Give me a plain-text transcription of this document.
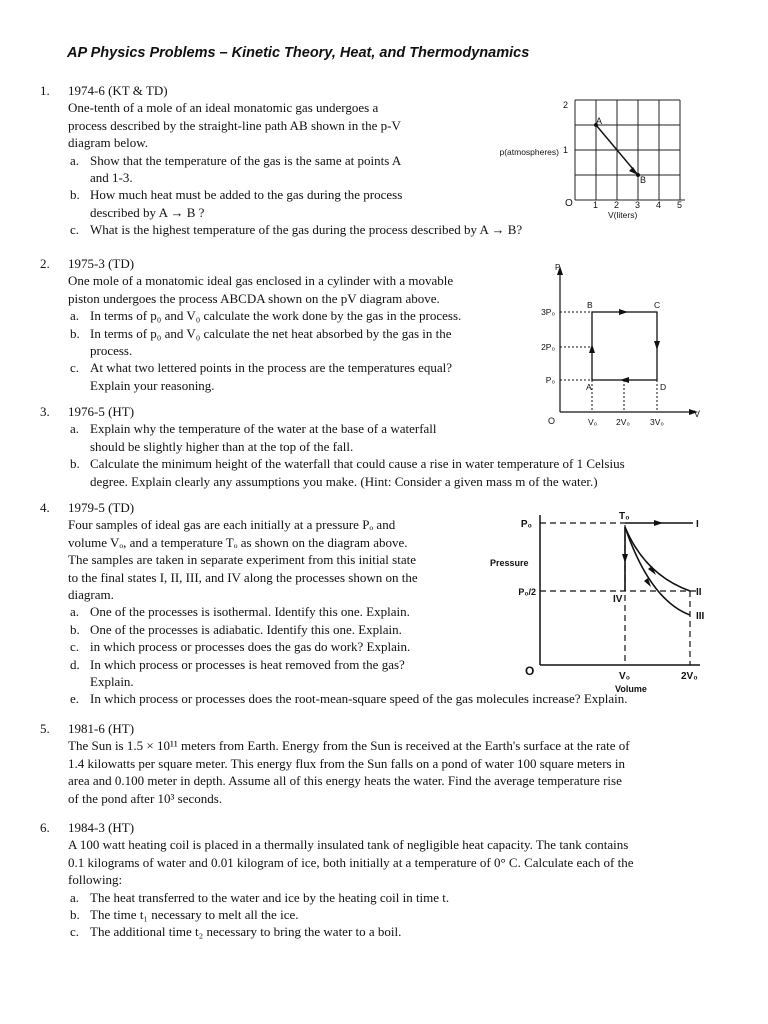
AP Physics Problems – Kinetic Theory, Heat, and Thermodynamics
1. 1974-6 (KT & TD)
One-tenth of a mole of an ideal monatomic gas undergoes a
process described by the straight-line path AB shown in the p-V
diagram below.
a. Show that the temperature of the gas is the same at points A
and 1-3.
b. How much heat must be added to the gas during the process
described by A → B ?
c. What is the highest temperature of the gas during the process described by A → B?
2. 1975-3 (TD)
One mole of a monatomic ideal gas enclosed in a cylinder with a movable
piston undergoes the process ABCDA shown on the pV diagram above.
a. In terms of p₀ and V₀ calculate the work done by the gas in the process.
b. In terms of p₀ and V₀ calculate the net heat absorbed by the gas in the
process.
c. At what two lettered points in the process are the temperatures equal?
Explain your reasoning.
3. 1976-5 (HT)
a. Explain why the temperature of the water at the base of a waterfall
should be slightly higher than at the top of the fall.
b. Calculate the minimum height of the waterfall that could cause a rise in water temperature of 1 Celsius
degree. Explain clearly any assumptions you make. (Hint: Consider a given mass m of the water.)
4. 1979-5 (TD)
Four samples of ideal gas are each initially at a pressure Pₒ and
volume Vₒ, and a temperature Tₒ as shown on the diagram above.
The samples are taken in separate experiment from this initial state
to the final states I, II, III, and IV along the processes shown on the
diagram.
a. One of the processes is isothermal. Identify this one. Explain.
b. One of the processes is adiabatic. Identify this one. Explain.
c. in which process or processes does the gas do work? Explain.
d. In which process or processes is heat removed from the gas?
Explain.
e. In which process or processes does the root-mean-square speed of the gas molecules increase? Explain.
5. 1981-6 (HT)
The Sun is 1.5 × 10¹¹ meters from Earth. Energy from the Sun is received at the Earth's surface at the rate of
1.4 kilowatts per square meter. This energy flux from the Sun falls on a pond of water 100 square meters in
area and 0.100 meter in depth. Assume all of this energy heats the water. Find the average temperature rise
of the pond after 10³ seconds.
6. 1984-3 (HT)
A 100 watt heating coil is placed in a thermally insulated tank of negligible heat capacity. The tank contains
0.1 kilograms of water and 0.01 kilogram of ice, both initially at a temperature of 0° C. Calculate each of the
following:
a. The heat transferred to the water and ice by the heating coil in time t.
b. The time t₁ necessary to melt all the ice.
c. The additional time t₂ necessary to bring the water to a boil.
A
B
1
2
p(atmospheres)
O 1 2 3 4 5
V(liters)
P
V
O
P₀
2P₀
3P₀
V₀ 2V₀ 3V₀
A
B	C
D
T₀
I
II
III
IV
Pressure
Volume
O
P₀
P₀/2
V₀	2V₀
